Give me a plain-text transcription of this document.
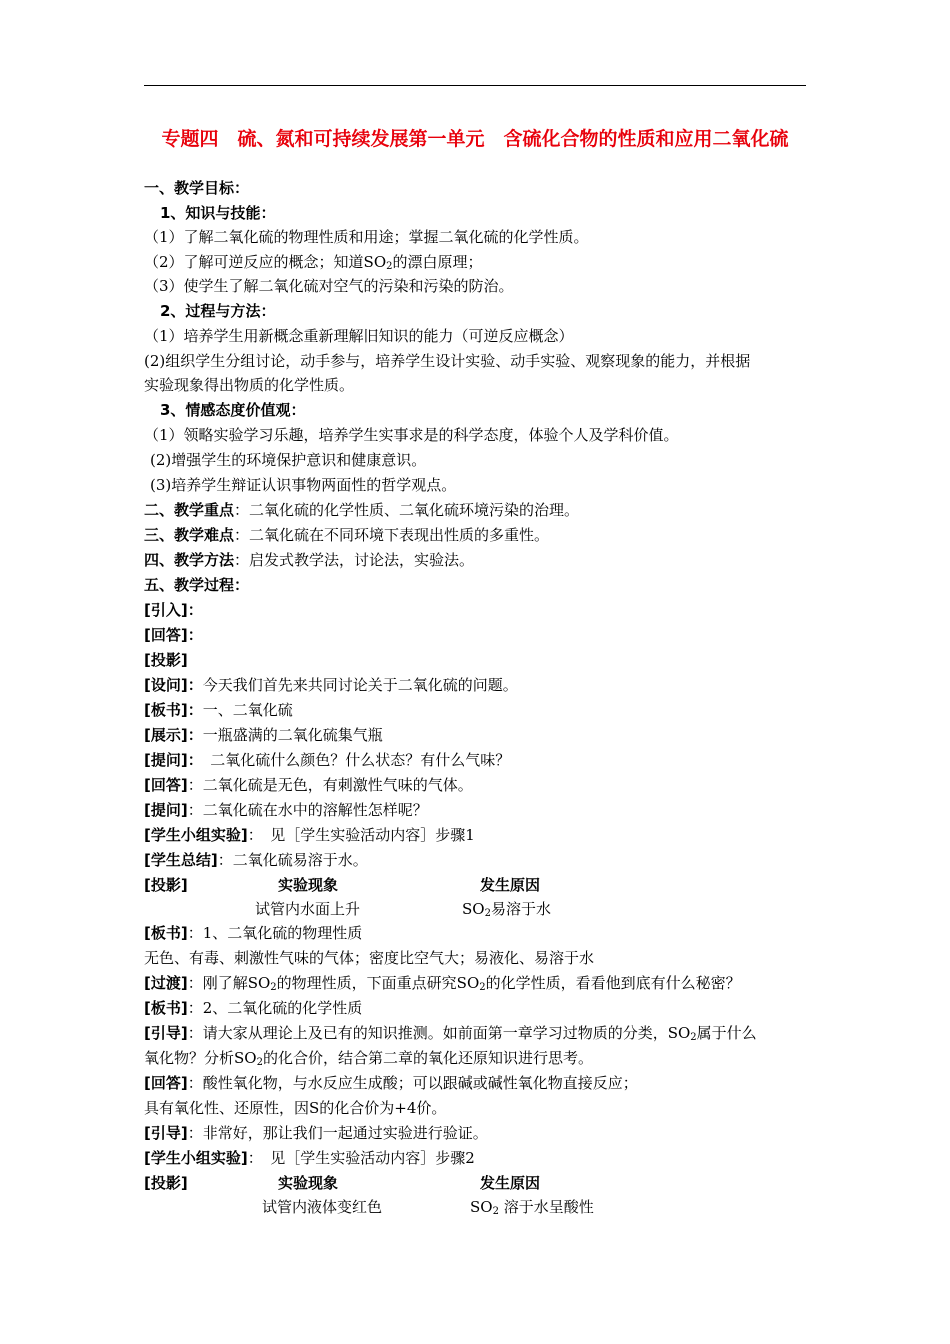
专题四　硫、氮和可持续发展第一单元　含硫化合物的性质和应用二氧化硫
一、教学目标：
1、知识与技能：
（1）了解二氧化硫的物理性质和用途；掌握二氧化硫的化学性质。
（2）了解可逆反应的概念；知道$SO_2$的漂白原理；
（3）使学生了解二氧化硫对空气的污染和污染的防治。
2、过程与方法：
（1）培养学生用新概念重新理解旧知识的能力（可逆反应概念）
(2)组织学生分组讨论，动手参与，培养学生设计实验、动手实验、观察现象的能力，并根据
实验现象得出物质的化学性质。
3、情感态度价值观：
（1）领略实验学习乐趣，培养学生实事求是的科学态度，体验个人及学科价值。
(2)增强学生的环境保护意识和健康意识。
(3)培养学生辩证认识事物两面性的哲学观点。
二、教学重点：二氧化硫的化学性质、二氧化硫环境污染的治理。
三、教学难点：二氧化硫在不同环境下表现出性质的多重性。
四、教学方法：启发式教学法，讨论法，实验法。
五、教学过程：
[引入]：
[回答]：
[投影]
[设问]：今天我们首先来共同讨论关于二氧化硫的问题。
[板书]：一、二氧化硫
[展示]：一瓶盛满的二氧化硫集气瓶
[提问]：　二氧化硫什么颜色？什么状态？有什么气味？
[回答]：二氧化硫是无色，有刺激性气味的气体。
[提问]：二氧化硫在水中的溶解性怎样呢？
[学生小组实验]：　见［学生实验活动内容］步骤1
[学生总结]：二氧化硫易溶于水。
[投影]	实验现象	发生原因
试管内水面上升	$SO_2$易溶于水
[板书]：1、二氧化硫的物理性质
无色、有毒、刺激性气味的气体；密度比空气大；易液化、易溶于水
[过渡]：刚了解$SO_2$的物理性质，下面重点研究$SO_2$的化学性质，看看他到底有什么秘密？
[板书]：2、二氧化硫的化学性质
[引导]：请大家从理论上及已有的知识推测。如前面第一章学习过物质的分类，$SO_2$属于什么
氧化物？分析$SO_2$的化合价，结合第二章的氧化还原知识进行思考。
[回答]：酸性氧化物，与水反应生成酸；可以跟碱或碱性氧化物直接反应；
具有氧化性、还原性，因S的化合价为+4价。
[引导]：非常好，那让我们一起通过实验进行验证。
[学生小组实验]：　见［学生实验活动内容］步骤2
[投影]	实验现象	发生原因
试管内液体变红色	$SO_2$ 溶于水呈酸性
